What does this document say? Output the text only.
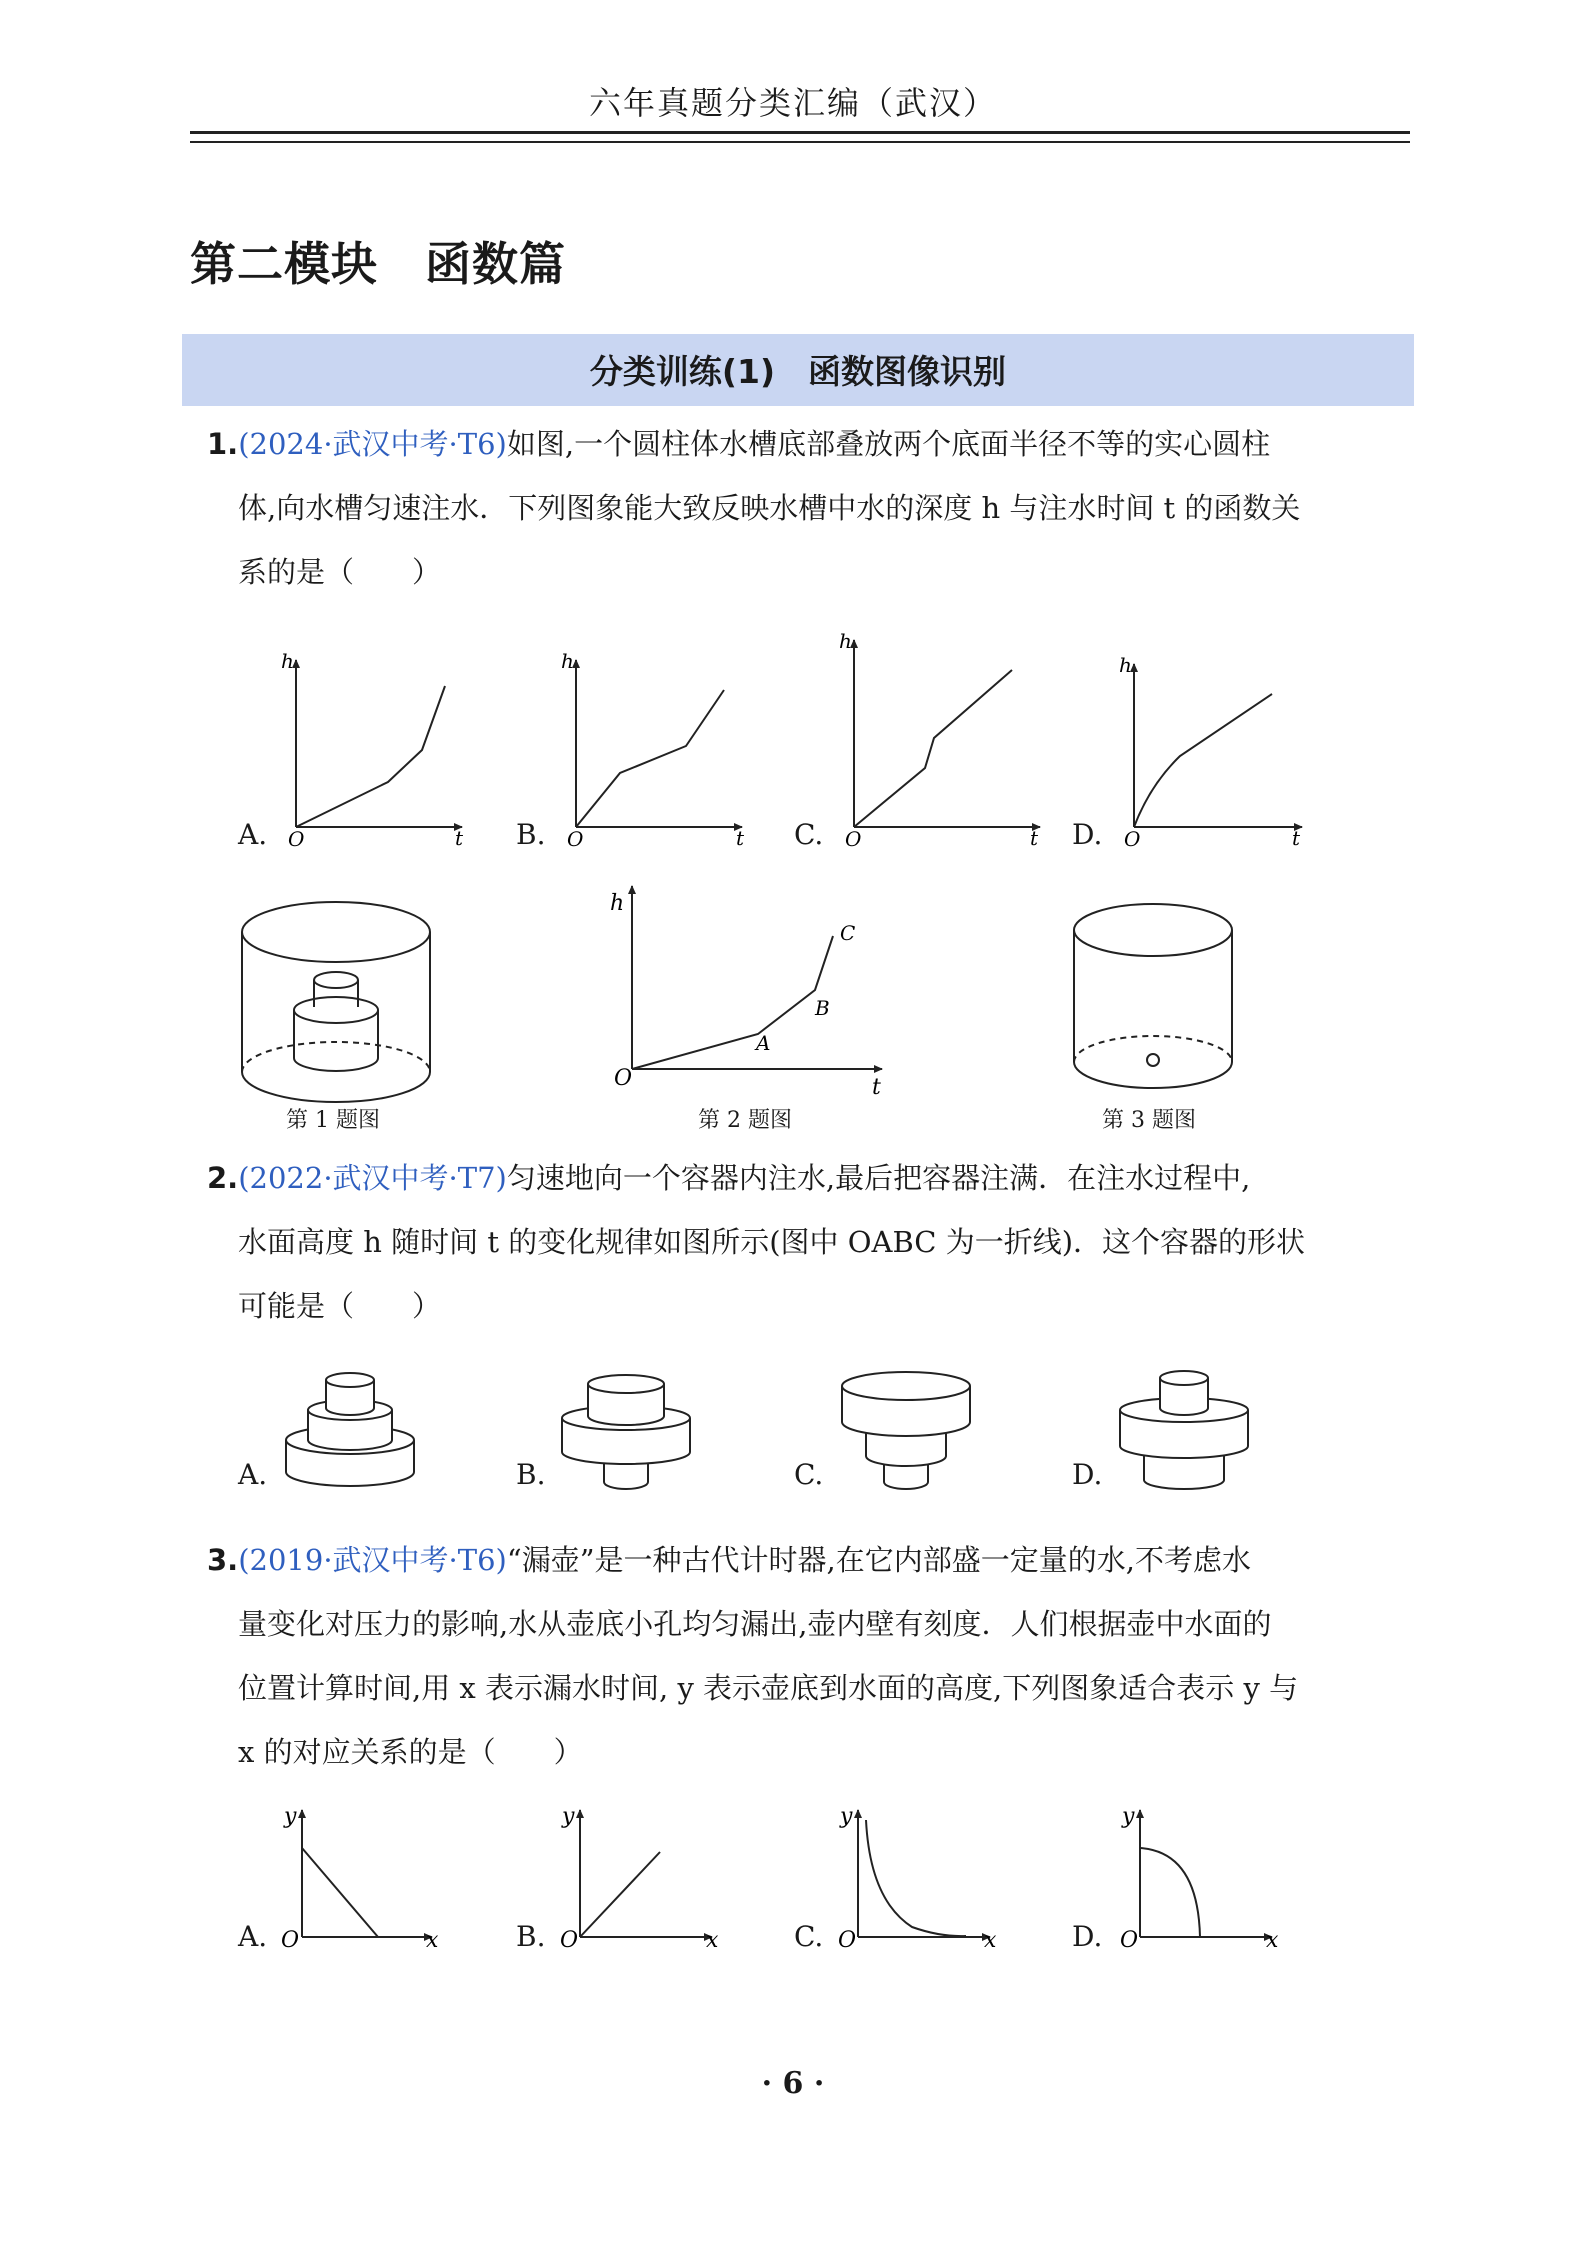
六年真题分类汇编（武汉）
第二模块　函数篇
分类训练(1)　函数图像识别
1.(2024·武汉中考·T6)如图,一个圆柱体水槽底部叠放两个底面半径不等的实心圆柱
体,向水槽匀速注水．下列图象能大致反映水槽中水的深度 h 与注水时间 t 的函数关
系的是（　　）
A.	B.	C.	D.
h
O	t
h
O	t
h
O	t
h
O	t
h
O	t
A
B
C
第 1 题图	第 2 题图	第 3 题图
2.(2022·武汉中考·T7)匀速地向一个容器内注水,最后把容器注满．在注水过程中,
水面高度 h 随时间 t 的变化规律如图所示(图中 OABC 为一折线)．这个容器的形状
可能是（　　）
A.	B.	C.	D.
3.(2019·武汉中考·T6)“漏壶”是一种古代计时器,在它内部盛一定量的水,不考虑水
量变化对压力的影响,水从壶底小孔均匀漏出,壶内壁有刻度．人们根据壶中水面的
位置计算时间,用 x 表示漏水时间, y 表示壶底到水面的高度,下列图象适合表示 y 与
x 的对应关系的是（　　）
A.	B.	C.	D.
y
O	x
y
O	x
y
O	x
y
O	x
· 6 ·
